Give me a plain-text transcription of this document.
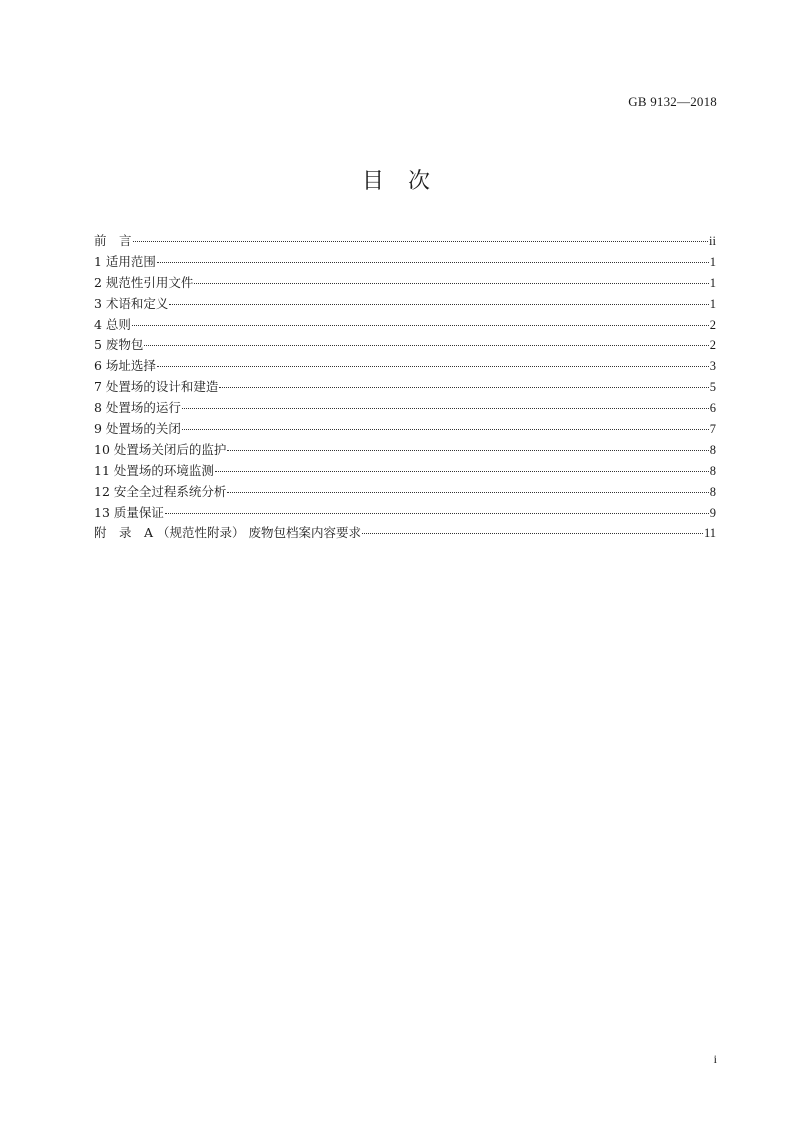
GB 9132—2018
目　次
前　言	ii
1 适用范围	1
2 规范性引用文件	1
3 术语和定义	1
4 总则	2
5 废物包	2
6 场址选择	3
7 处置场的设计和建造	5
8 处置场的运行	6
9 处置场的关闭	7
10 处置场关闭后的监护	8
11 处置场的环境监测	8
12 安全全过程系统分析	8
13 质量保证	9
附　录　A （规范性附录） 废物包档案内容要求	11
i
